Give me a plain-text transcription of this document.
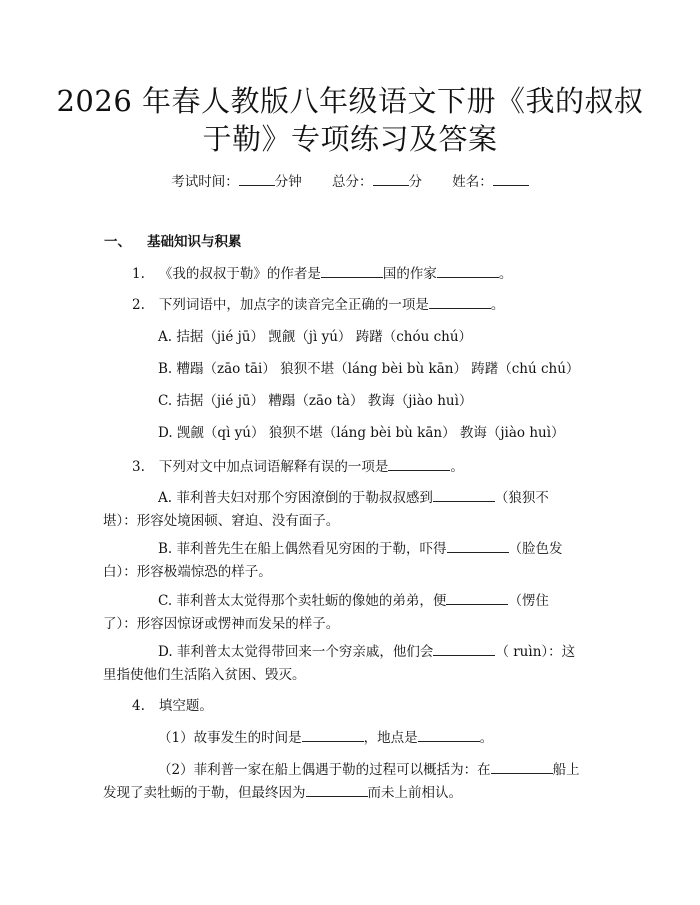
2026 年春人教版八年级语文下册《我的叔叔
于勒》专项练习及答案
考试时间：	分钟 总分：	分 姓名：
一、 基础知识与积累
1. 《我的叔叔于勒》的作者是	国的作家	。
2. 下列词语中，加点字的读音完全正确的一项是	。
A. 拮据（jié jū） 觊觎（jì yú） 踌躇（chóu chú）
B. 糟蹋（zāo tāi） 狼狈不堪（láng bèi bù kān） 踌躇（chú chú）
C. 拮据（jié jū） 糟蹋（zāo tà） 教诲（jiào huì）
D. 觊觎（qì yú） 狼狈不堪（láng bèi bù kān） 教诲（jiào huì）
3. 下列对文中加点词语解释有误的一项是	。
A. 菲利普夫妇对那个穷困潦倒的于勒叔叔感到	（狼狈不
堪）：形容处境困顿、窘迫、没有面子。
B. 菲利普先生在船上偶然看见穷困的于勒，吓得	（脸色发
白）：形容极端惊恐的样子。
C. 菲利普太太觉得那个卖牡蛎的像她的弟弟，便	（愣住
了）：形容因惊讶或愣神而发呆的样子。
D. 菲利普太太觉得带回来一个穷亲戚，他们会	（ ruìn）：这
里指使他们生活陷入贫困、毁灭。
4. 填空题。
（1）故事发生的时间是	，地点是	。
（2）菲利普一家在船上偶遇于勒的过程可以概括为：在	船上
发现了卖牡蛎的于勒，但最终因为	而未上前相认。
